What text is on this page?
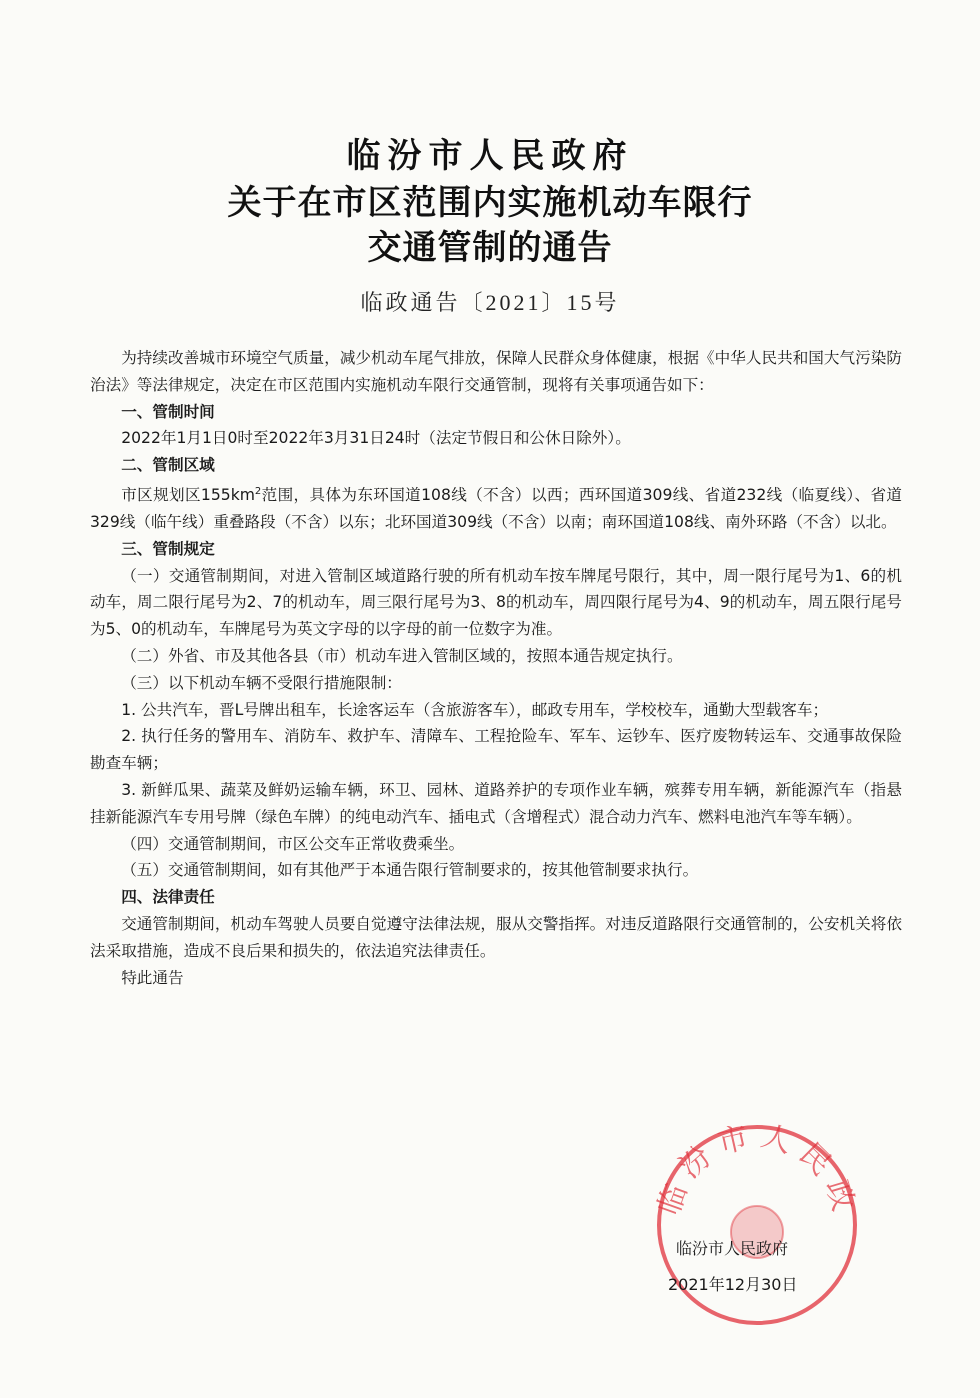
临汾市人民政府
关于在市区范围内实施机动车限行
交通管制的通告
临政通告〔2021〕15号

为持续改善城市环境空气质量，减少机动车尾气排放，保障人民群众身体健康，根据《中华人民共和国大气污染防治法》等法律规定，决定在市区范围内实施机动车限行交通管制，现将有关事项通告如下：

一、管制时间

2022年1月1日0时至2022年3月31日24时（法定节假日和公休日除外）。

二、管制区域

市区规划区$155km^2$范围，具体为东环国道108线（不含）以西；西环国道309线、省道232线（临夏线）、省道329线（临午线）重叠路段（不含）以东；北环国道309线（不含）以南；南环国道108线、南外环路（不含）以北。

三、管制规定

（一）交通管制期间，对进入管制区域道路行驶的所有机动车按车牌尾号限行，其中，周一限行尾号为1、6的机动车，周二限行尾号为2、7的机动车，周三限行尾号为3、8的机动车，周四限行尾号为4、9的机动车，周五限行尾号为5、0的机动车，车牌尾号为英文字母的以字母的前一位数字为准。

（二）外省、市及其他各县（市）机动车进入管制区域的，按照本通告规定执行。

（三）以下机动车辆不受限行措施限制：

1. 公共汽车，晋L号牌出租车，长途客运车（含旅游客车），邮政专用车，学校校车，通勤大型载客车；

2. 执行任务的警用车、消防车、救护车、清障车、工程抢险车、军车、运钞车、医疗废物转运车、交通事故保险勘查车辆；

3. 新鲜瓜果、蔬菜及鲜奶运输车辆，环卫、园林、道路养护的专项作业车辆，殡葬专用车辆，新能源汽车（指悬挂新能源汽车专用号牌（绿色车牌）的纯电动汽车、插电式（含增程式）混合动力汽车、燃料电池汽车等车辆）。

（四）交通管制期间，市区公交车正常收费乘坐。

（五）交通管制期间，如有其他严于本通告限行管制要求的，按其他管制要求执行。

四、法律责任

交通管制期间，机动车驾驶人员要自觉遵守法律法规，服从交警指挥。对违反道路限行交通管制的，公安机关将依法采取措施，造成不良后果和损失的，依法追究法律责任。

特此通告

临汾市人民政
临汾市人民政府
2021年12月30日
